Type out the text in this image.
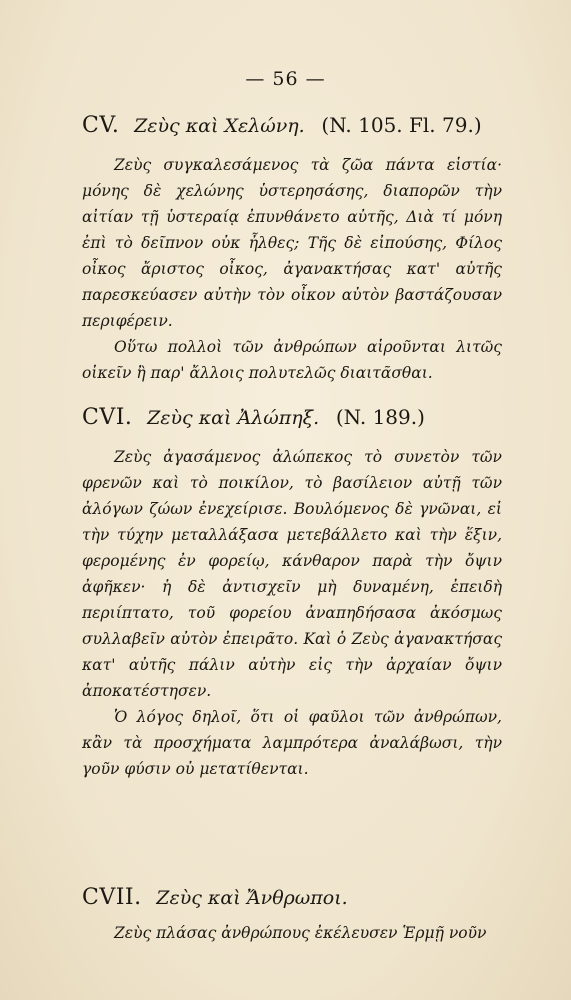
— 56 —
CV. Ζεὺς καὶ Χελώνη. (N. 105. Fl. 79.)

Ζεὺς συγκαλεσάμενος τὰ ζῶα πάντα εἱστία· μόνης δὲ χελώνης ὑστερησάσης, διαπορῶν τὴν αἰτίαν τῇ ὑστεραίᾳ ἐπυνθάνετο αὐτῆς, Διὰ τί μόνη ἐπὶ τὸ δεῖπνον οὐκ ἦλθες; Τῆς δὲ εἰπούσης, Φίλος οἶκος ἄριστος οἶκος, ἀγανακτήσας κατ' αὐτῆς παρεσκεύασεν αὐτὴν τὸν οἶκον αὐτὸν βαστάζουσαν περιφέρειν.

Οὕτω πολλοὶ τῶν ἀνθρώπων αἱροῦνται λιτῶς οἰκεῖν ἢ παρ' ἄλλοις πολυτελῶς διαιτᾶσθαι.

CVI. Ζεὺς καὶ Ἀλώπηξ. (N. 189.)

Ζεὺς ἀγασάμενος ἀλώπεκος τὸ συνετὸν τῶν φρενῶν καὶ τὸ ποικίλον, τὸ βασίλειον αὐτῇ τῶν ἀλόγων ζώων ἐνεχείρισε. Βουλόμενος δὲ γνῶναι, εἰ τὴν τύχην μεταλλάξασα μετεβάλλετο καὶ τὴν ἕξιν, φερομένης ἐν φορείῳ, κάνθαρον παρὰ τὴν ὄψιν ἀφῆκεν· ἡ δὲ ἀντισχεῖν μὴ δυναμένη, ἐπειδὴ περιίπτατο, τοῦ φορείου ἀναπηδήσασα ἀκόσμως συλλαβεῖν αὐτὸν ἐπειρᾶτο. Καὶ ὁ Ζεὺς ἀγανακτήσας κατ' αὐτῆς πάλιν αὐτὴν εἰς τὴν ἀρχαίαν ὄψιν ἀποκατέστησεν.

Ὁ λόγος δηλοῖ, ὅτι οἱ φαῦλοι τῶν ἀνθρώπων, κἂν τὰ προσχήματα λαμπρότερα ἀναλάβωσι, τὴν γοῦν φύσιν οὐ μετατίθενται.

CVII. Ζεὺς καὶ Ἄνθρωποι.

Ζεὺς πλάσας ἀνθρώπους ἐκέλευσεν Ἑρμῇ νοῦν
